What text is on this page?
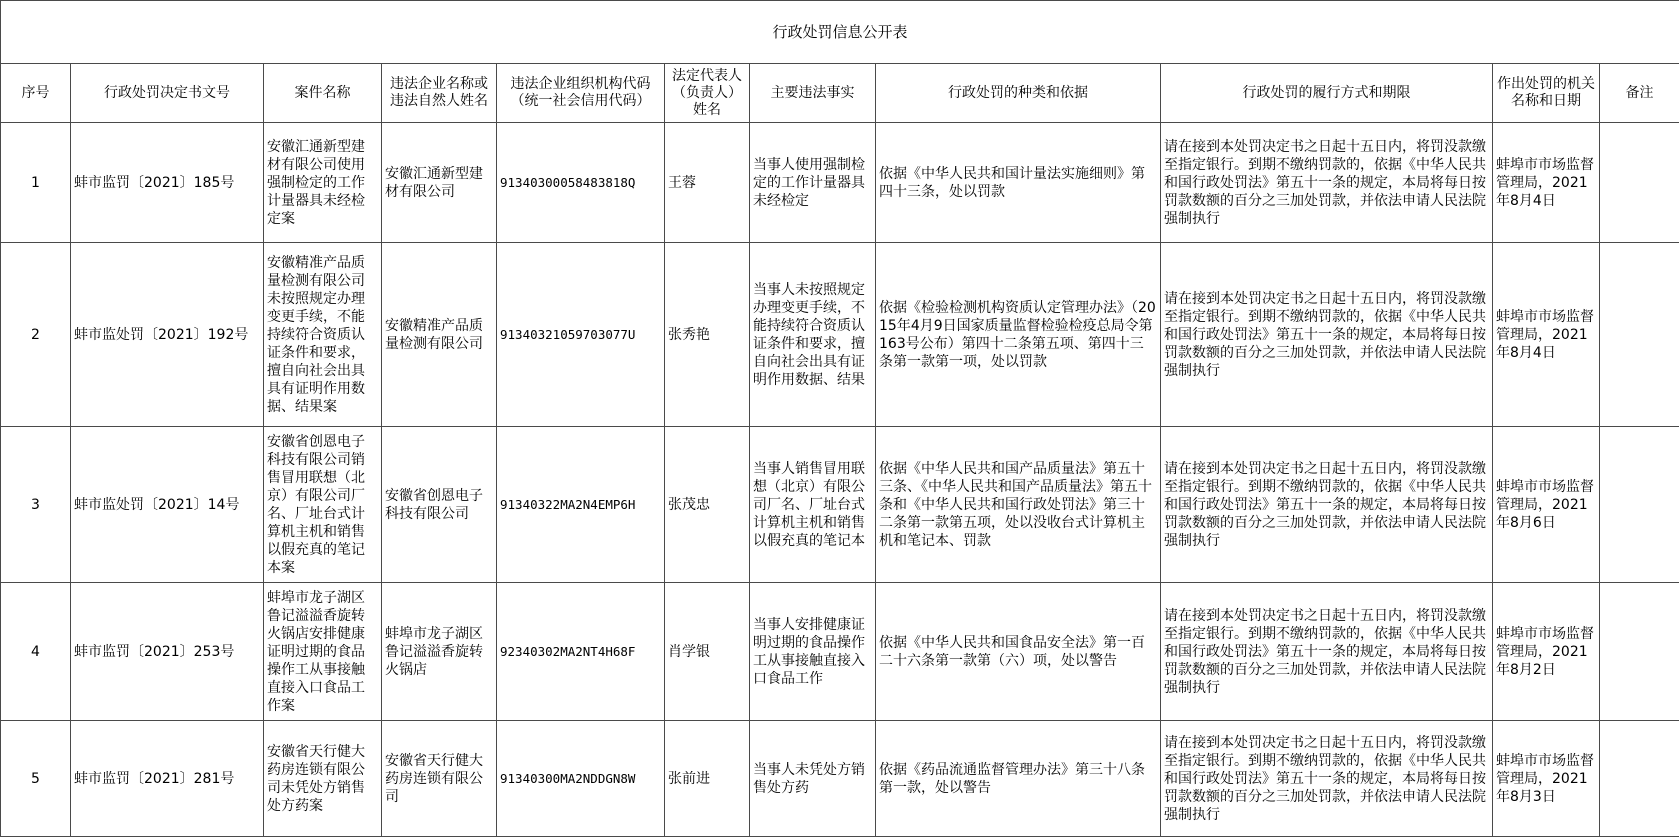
行政处罚信息公开表										
序号	行政处罚决定书文号	案件名称	违法企业名称或违法自然人姓名	违法企业组织机构代码（统一社会信用代码）	法定代表人（负责人）姓名	主要违法事实	行政处罚的种类和依据	行政处罚的履行方式和期限	作出处罚的机关名称和日期	备注
1	蚌市监罚〔2021〕185号	安徽汇通新型建材有限公司使用强制检定的工作计量器具未经检定案	安徽汇通新型建材有限公司	91340300058483818Q	王蓉	当事人使用强制检定的工作计量器具未经检定	依据《中华人民共和国计量法实施细则》第四十三条，处以罚款	请在接到本处罚决定书之日起十五日内，将罚没款缴至指定银行。到期不缴纳罚款的，依据《中华人民共和国行政处罚法》第五十一条的规定，本局将每日按罚款数额的百分之三加处罚款，并依法申请人民法院强制执行	蚌埠市市场监督管理局，2021年8月4日	
2	蚌市监处罚〔2021〕192号	安徽精准产品质量检测有限公司未按照规定办理变更手续，不能持续符合资质认证条件和要求，擅自向社会出具具有证明作用数据、结果案	安徽精准产品质量检测有限公司	91340321059703077U	张秀艳	当事人未按照规定办理变更手续，不能持续符合资质认证条件和要求，擅自向社会出具有证明作用数据、结果	依据《检验检测机构资质认定管理办法》（2015年4月9日国家质量监督检验检疫总局令第163号公布）第四十二条第五项、第四十三条第一款第一项，处以罚款	请在接到本处罚决定书之日起十五日内，将罚没款缴至指定银行。到期不缴纳罚款的，依据《中华人民共和国行政处罚法》第五十一条的规定，本局将每日按罚款数额的百分之三加处罚款，并依法申请人民法院强制执行	蚌埠市市场监督管理局，2021年8月4日	
3	蚌市监处罚〔2021〕14号	安徽省创恩电子科技有限公司销售冒用联想（北京）有限公司厂名、厂址台式计算机主机和销售以假充真的笔记本案	安徽省创恩电子科技有限公司	91340322MA2N4EMP6H	张茂忠	当事人销售冒用联想（北京）有限公司厂名、厂址台式计算机主机和销售以假充真的笔记本	依据《中华人民共和国产品质量法》第五十三条、《中华人民共和国产品质量法》第五十条和《中华人民共和国行政处罚法》第三十二条第一款第五项，处以没收台式计算机主机和笔记本、罚款	请在接到本处罚决定书之日起十五日内，将罚没款缴至指定银行。到期不缴纳罚款的，依据《中华人民共和国行政处罚法》第五十一条的规定，本局将每日按罚款数额的百分之三加处罚款，并依法申请人民法院强制执行	蚌埠市市场监督管理局，2021年8月6日	
4	蚌市监罚〔2021〕253号	蚌埠市龙子湖区鲁记溢溢香旋转火锅店安排健康证明过期的食品操作工从事接触直接入口食品工作案	蚌埠市龙子湖区鲁记溢溢香旋转火锅店	92340302MA2NT4H68F	肖学银	当事人安排健康证明过期的食品操作工从事接触直接入口食品工作	依据《中华人民共和国食品安全法》第一百二十六条第一款第（六）项，处以警告	请在接到本处罚决定书之日起十五日内，将罚没款缴至指定银行。到期不缴纳罚款的，依据《中华人民共和国行政处罚法》第五十一条的规定，本局将每日按罚款数额的百分之三加处罚款，并依法申请人民法院强制执行	蚌埠市市场监督管理局，2021年8月2日	
5	蚌市监罚〔2021〕281号	安徽省天行健大药房连锁有限公司未凭处方销售处方药案	安徽省天行健大药房连锁有限公司	91340300MA2NDDGN8W	张前进	当事人未凭处方销售处方药	依据《药品流通监督管理办法》第三十八条第一款，处以警告	请在接到本处罚决定书之日起十五日内，将罚没款缴至指定银行。到期不缴纳罚款的，依据《中华人民共和国行政处罚法》第五十一条的规定，本局将每日按罚款数额的百分之三加处罚款，并依法申请人民法院强制执行	蚌埠市市场监督管理局，2021年8月3日	
